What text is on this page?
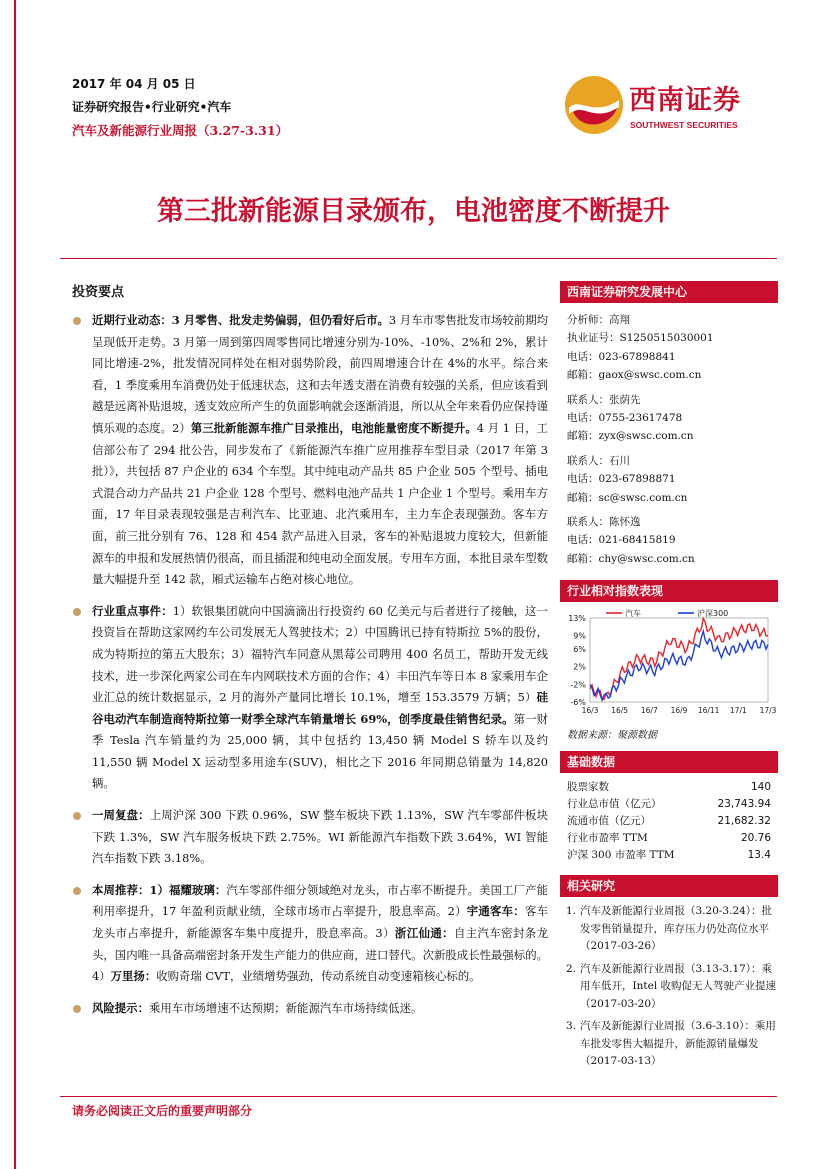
2017 年 04 月 05 日
证券研究报告•行业研究•汽车
汽车及新能源行业周报（3.27-3.31）
西南证券
SOUTHWEST SECURITIES
第三批新能源目录颁布，电池密度不断提升
投资要点
近期行业动态：3 月零售、批发走势偏弱，但仍看好后市。3 月车市零售批发市场较前期均呈现低开走势。3 月第一周到第四周零售同比增速分别为-10%、-10%、2%和 2%，累计同比增速-2%，批发情况同样处在相对弱势阶段，前四周增速合计在 4%的水平。综合来看，1 季度乘用车消费仍处于低速状态，这和去年透支潜在消费有较强的关系，但应该看到越是远离补贴退坡，透支效应所产生的负面影响就会逐渐消退，所以从全年来看仍应保持谨慎乐观的态度。2）第三批新能源车推广目录推出，电池能量密度不断提升。4 月 1 日，工信部公布了 294 批公告，同步发布了《新能源汽车推广应用推荐车型目录（2017 年第 3 批）》，共包括 87 户企业的 634 个车型。其中纯电动产品共 85 户企业 505 个型号、插电式混合动力产品共 21 户企业 128 个型号、燃料电池产品共 1 户企业 1 个型号。乘用车方面，17 年目录表现较强是吉利汽车、比亚迪、北汽乘用车，主力车企表现强劲。客车方面，前三批分别有 76、128 和 454 款产品进入目录，客车的补贴退坡力度较大，但新能源车的申报和发展热情仍很高，而且插混和纯电动全面发展。专用车方面，本批目录车型数量大幅提升至 142 款，厢式运输车占绝对核心地位。
行业重点事件：1）软银集团就向中国滴滴出行投资约 60 亿美元与后者进行了接触，这一投资旨在帮助这家网约车公司发展无人驾驶技术；2）中国腾讯已持有特斯拉 5%的股份，成为特斯拉的第五大股东；3）福特汽车同意从黑莓公司聘用 400 名员工，帮助开发无线技术，进一步深化两家公司在车内网联技术方面的合作；4）丰田汽车等日本 8 家乘用车企业汇总的统计数据显示，2 月的海外产量同比增长 10.1%，增至 153.3579 万辆；5）硅谷电动汽车制造商特斯拉第一财季全球汽车销量增长 69%，创季度最佳销售纪录。第一财季 Tesla 汽车销量约为 25,000 辆，其中包括约 13,450 辆 Model S 轿车以及约 11,550 辆 Model X 运动型多用途车(SUV)，相比之下 2016 年同期总销量为 14,820 辆。
一周复盘：上周沪深 300 下跌 0.96%，SW 整车板块下跌 1.13%，SW 汽车零部件板块下跌 1.3%，SW 汽车服务板块下跌 2.75%。WI 新能源汽车指数下跌 3.64%，WI 智能汽车指数下跌 3.18%。
本周推荐：1）福耀玻璃：汽车零部件细分领域绝对龙头，市占率不断提升。美国工厂产能利用率提升，17 年盈利贡献业绩，全球市场市占率提升，股息率高。2）宇通客车：客车龙头市占率提升，新能源客车集中度提升，股息率高。3）浙江仙通：自主汽车密封条龙头，国内唯一具备高端密封条开发生产能力的供应商，进口替代。次新股成长性最强标的。4）万里扬：收购奇瑞 CVT，业绩增势强劲，传动系统自动变速箱核心标的。
风险提示：乘用车市场增速不达预期；新能源汽车市场持续低迷。
西南证券研究发展中心
分析师：高翔
执业证号：S1250515030001
电话：023-67898841
邮箱：gaox@swsc.com.cn
联系人：张荫先
电话：0755-23617478
邮箱：zyx@swsc.com.cn
联系人：石川
电话：023-67898871
邮箱：sc@swsc.com.cn
联系人：陈怀逸
电话：021-68415819
邮箱：chy@swsc.com.cn
行业相对指数表现
13%
9%
6%
2%
-2%
-6%
16/3 16/5 16/7 16/9 16/11 17/1 17/3
汽车	沪深300
数据来源：聚源数据
基础数据
股票家数	140
行业总市值（亿元）	23,743.94
流通市值（亿元）	21,682.32
行业市盈率 TTM	20.76
沪深 300 市盈率 TTM	13.4
相关研究
1. 汽车及新能源行业周报（3.20-3.24）：批发零售销量提升，库存压力仍处高位水平 （2017-03-26）
2. 汽车及新能源行业周报（3.13-3.17）：乘用车低开，Intel 收购促无人驾驶产业提速 （2017-03-20）
3. 汽车及新能源行业周报（3.6-3.10）：乘用车批发零售大幅提升，新能源销量爆发 （2017-03-13）
请务必阅读正文后的重要声明部分
